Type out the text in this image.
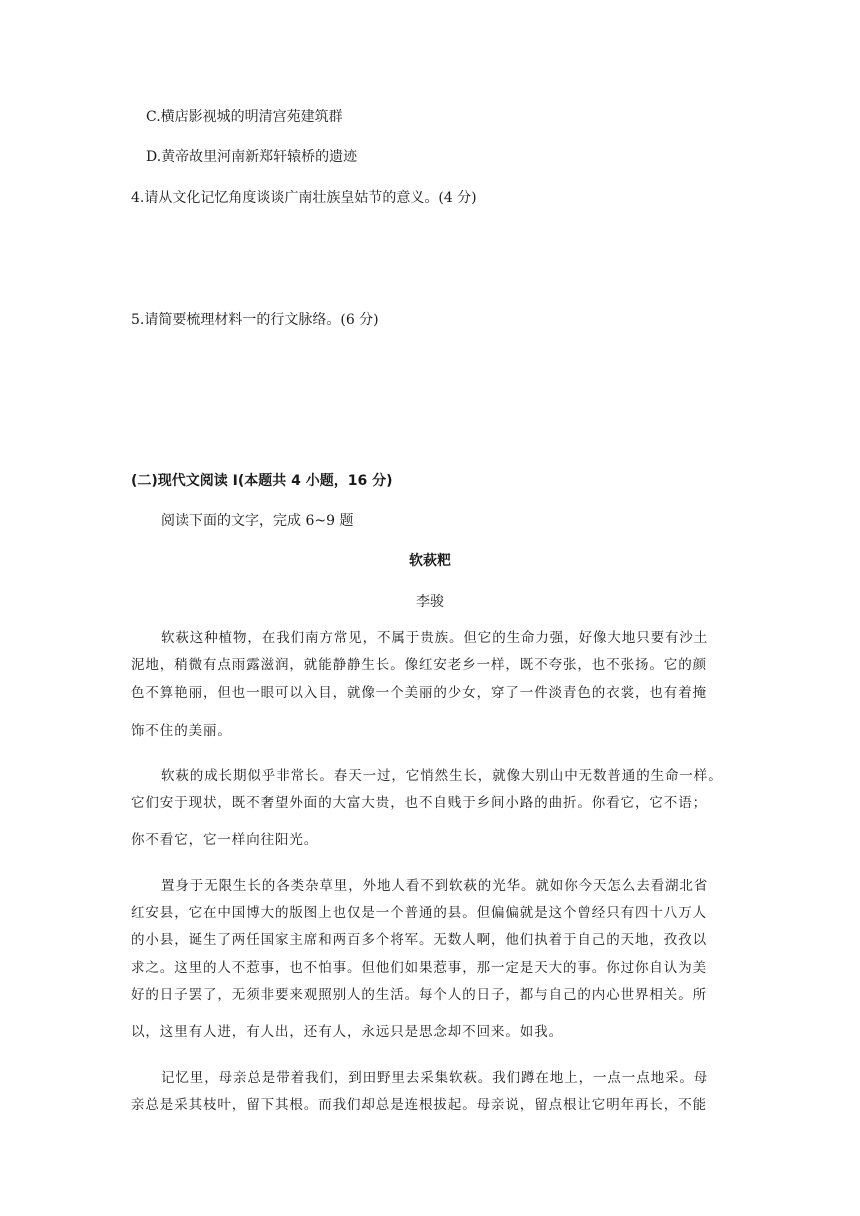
C.横店影视城的明清宫苑建筑群
D.黄帝故里河南新郑轩辕桥的遗迹
4.请从文化记忆角度谈谈广南壮族皇姑节的意义。(4 分)
5.请简要梳理材料一的行文脉络。(6 分)
(二)现代文阅读 I(本题共 4 小题，16 分)
阅读下面的文字，完成 6~9 题
软萩粑
李骏
软萩这种植物，在我们南方常见，不属于贵族。但它的生命力强，好像大地只要有沙土
泥地，稍微有点雨露滋润，就能静静生长。像红安老乡一样，既不夸张，也不张扬。它的颜
色不算艳丽，但也一眼可以入目，就像一个美丽的少女，穿了一件淡青色的衣裳，也有着掩
饰不住的美丽。
软萩的成长期似乎非常长。春天一过，它悄然生长，就像大别山中无数普通的生命一样。
它们安于现状，既不奢望外面的大富大贵，也不自贱于乡间小路的曲折。你看它，它不语；
你不看它，它一样向往阳光。
置身于无限生长的各类杂草里，外地人看不到软萩的光华。就如你今天怎么去看湖北省
红安县，它在中国博大的版图上也仅是一个普通的县。但偏偏就是这个曾经只有四十八万人
的小县，诞生了两任国家主席和两百多个将军。无数人啊，他们执着于自己的天地，孜孜以
求之。这里的人不惹事，也不怕事。但他们如果惹事，那一定是天大的事。你过你自认为美
好的日子罢了，无须非要来观照别人的生活。每个人的日子，都与自己的内心世界相关。所
以，这里有人进，有人出，还有人，永远只是思念却不回来。如我。
记忆里，母亲总是带着我们，到田野里去采集软萩。我们蹲在地上，一点一点地采。母
亲总是采其枝叶，留下其根。而我们却总是连根拔起。母亲说，留点根让它明年再长，不能
